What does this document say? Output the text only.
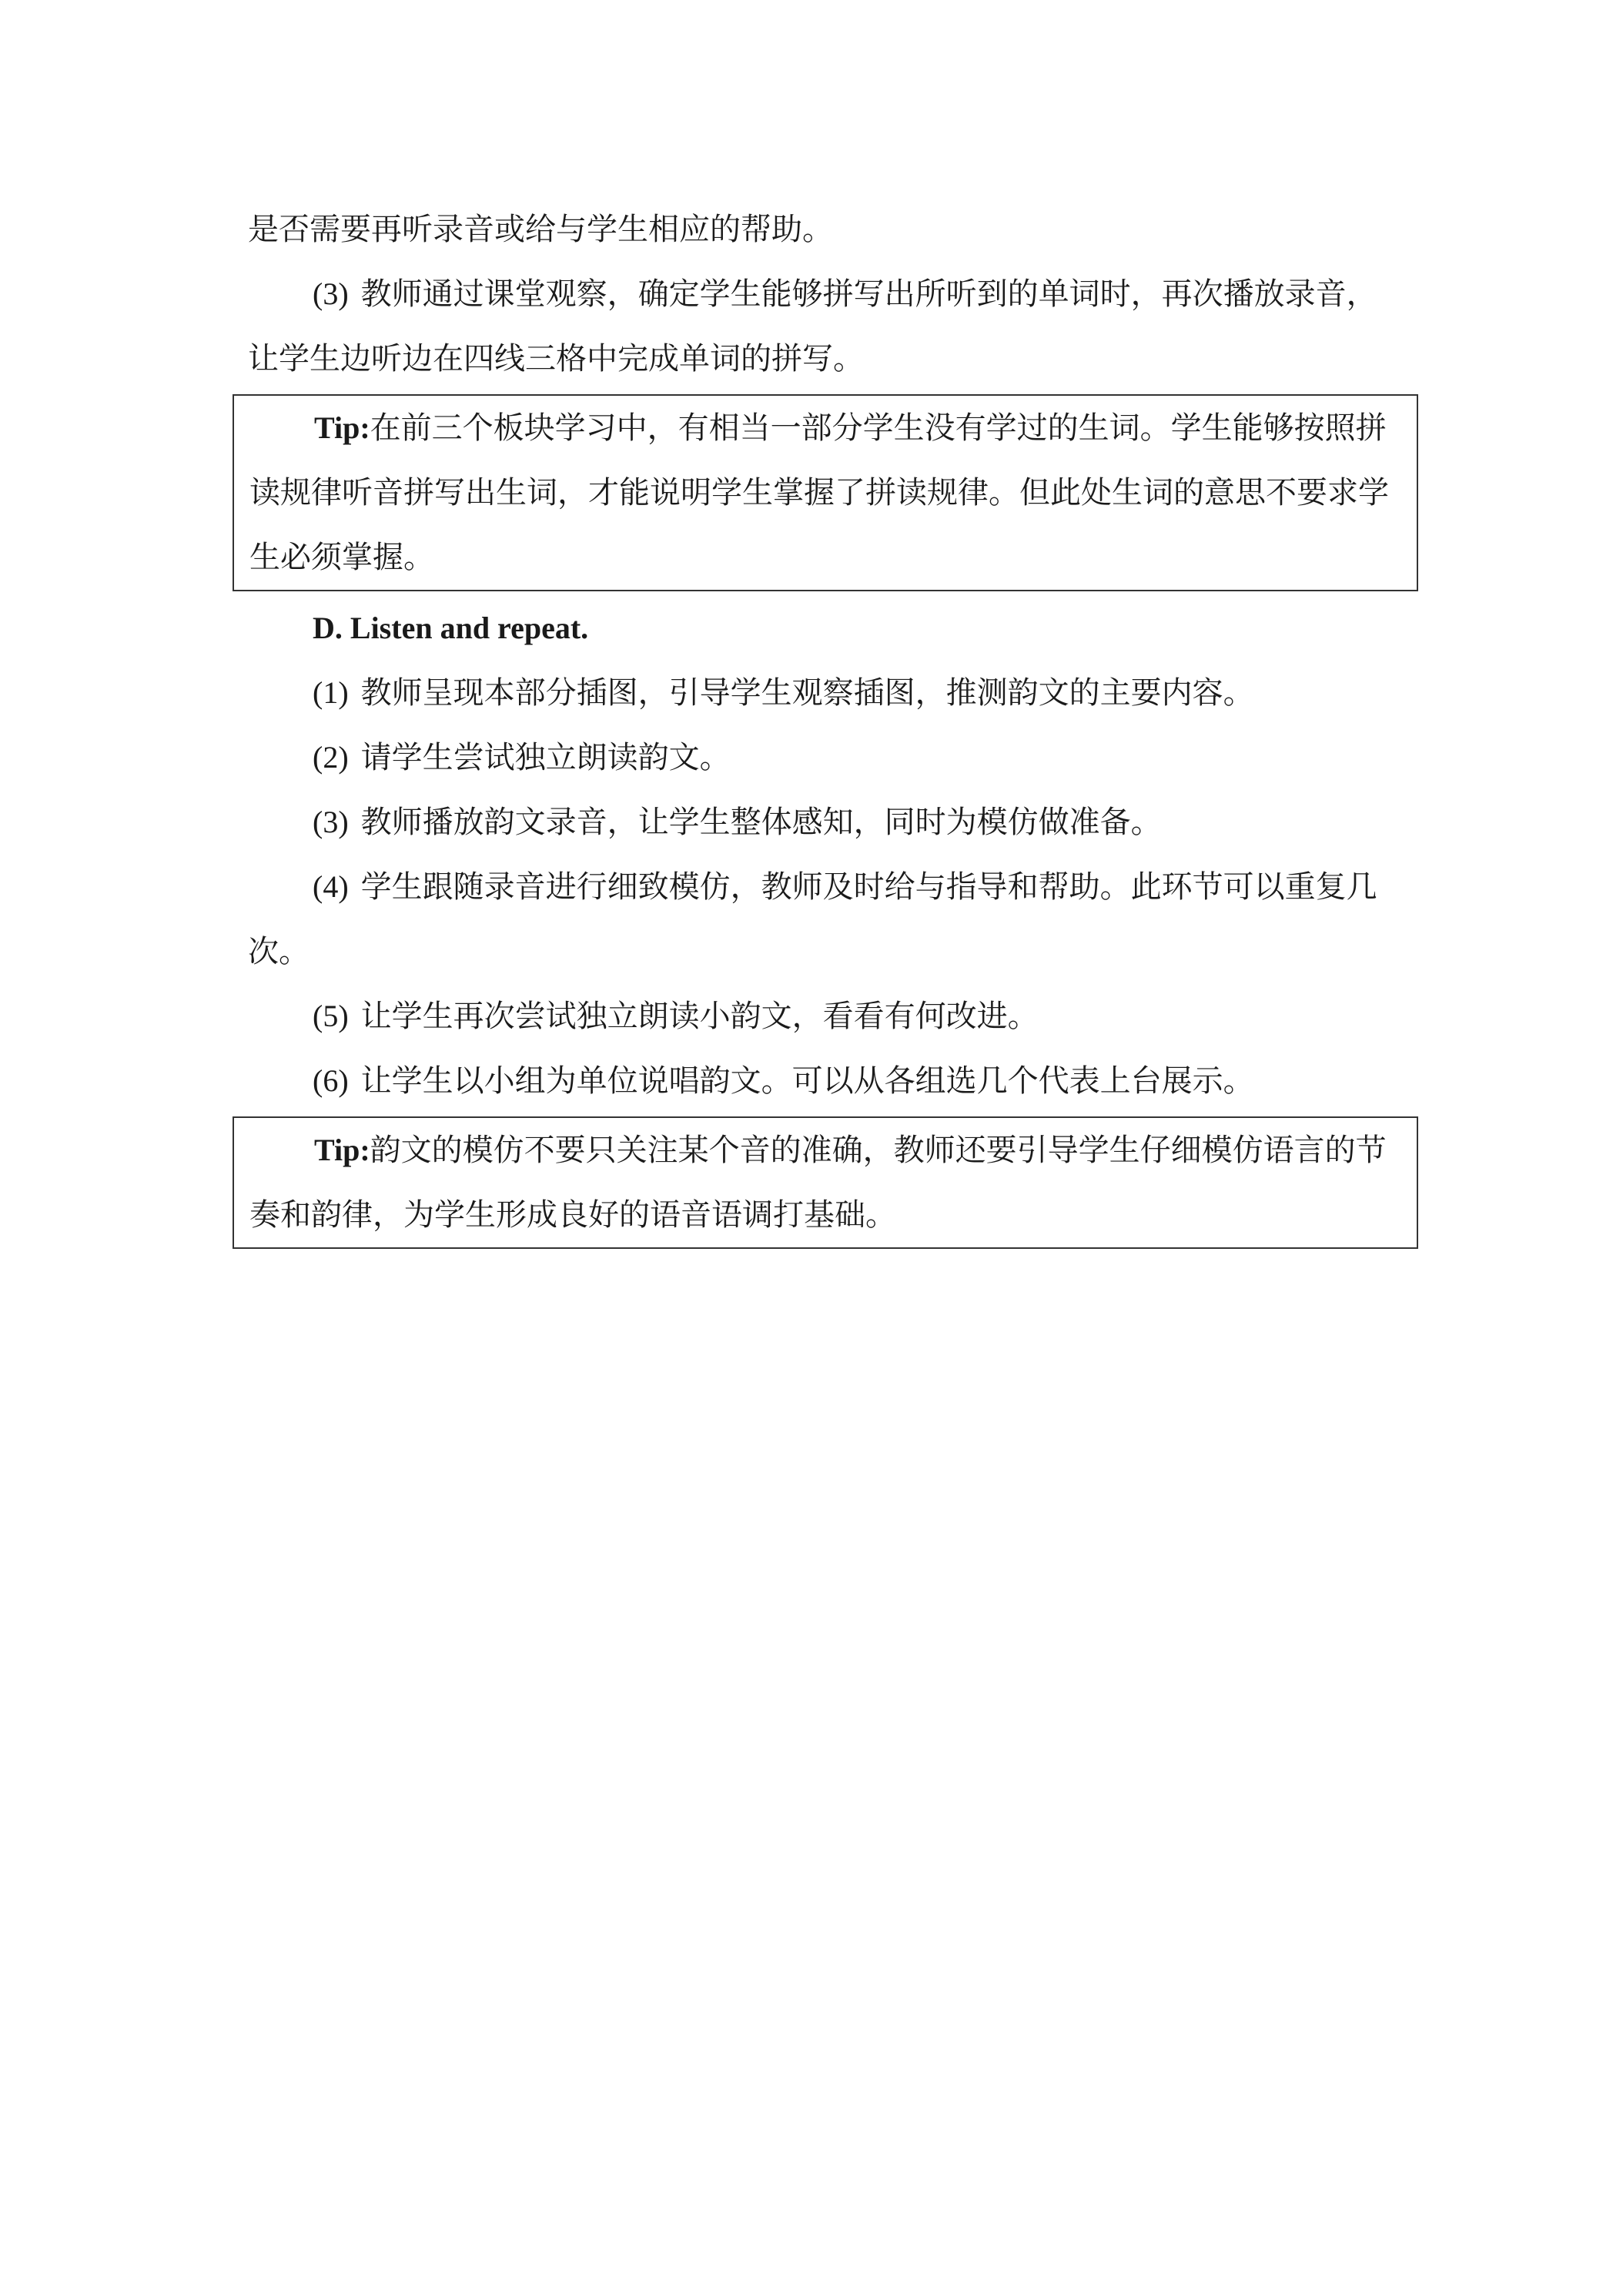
是否需要再听录音或给与学生相应的帮助。

(3) 教师通过课堂观察，确定学生能够拼写出所听到的单词时，再次播放录音，让学生边听边在四线三格中完成单词的拼写。

Tip:在前三个板块学习中，有相当一部分学生没有学过的生词。学生能够按照拼读规律听音拼写出生词，才能说明学生掌握了拼读规律。但此处生词的意思不要求学生必须掌握。

D. Listen and repeat.

(1) 教师呈现本部分插图，引导学生观察插图，推测韵文的主要内容。

(2) 请学生尝试独立朗读韵文。

(3) 教师播放韵文录音，让学生整体感知，同时为模仿做准备。

(4) 学生跟随录音进行细致模仿，教师及时给与指导和帮助。此环节可以重复几次。

(5) 让学生再次尝试独立朗读小韵文，看看有何改进。

(6) 让学生以小组为单位说唱韵文。可以从各组选几个代表上台展示。

Tip:韵文的模仿不要只关注某个音的准确，教师还要引导学生仔细模仿语言的节奏和韵律，为学生形成良好的语音语调打基础。
